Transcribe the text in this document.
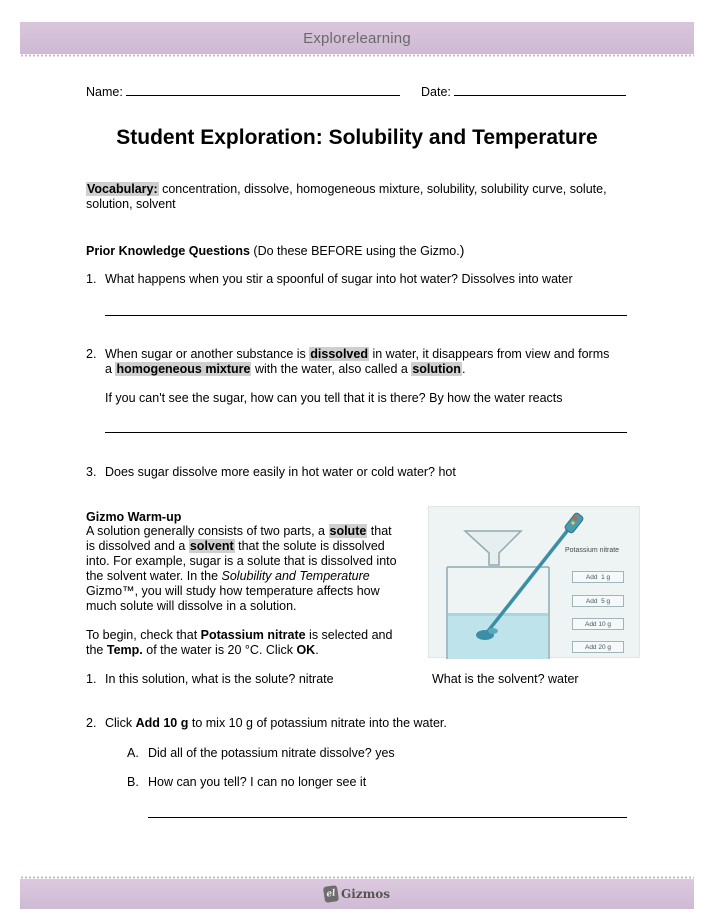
Explorelearning
Name:	Date:
Student Exploration: Solubility and Temperature
Vocabulary: concentration, dissolve, homogeneous mixture, solubility, solubility curve, solute,
solution, solvent
Prior Knowledge Questions (Do these BEFORE using the Gizmo.)
1. What happens when you stir a spoonful of sugar into hot water? Dissolves into water
2. When sugar or another substance is dissolved in water, it disappears from view and forms
a homogeneous mixture with the water, also called a solution.
If you can't see the sugar, how can you tell that it is there? By how the water reacts
3. Does sugar dissolve more easily in hot water or cold water? hot
Gizmo Warm-up
A solution generally consists of two parts, a solute that
is dissolved and a solvent that the solute is dissolved
into. For example, sugar is a solute that is dissolved into
the solvent water. In the Solubility and Temperature
Gizmo™, you will study how temperature affects how
much solute will dissolve in a solution.
To begin, check that Potassium nitrate is selected and
the Temp. of the water is 20 °C. Click OK.
Potassium nitrate
Add  1 g
Add  5 g
Add 10 g
Add 20 g
1. In this solution, what is the solute? nitrate	What is the solvent? water
2. Click Add 10 g to mix 10 g of potassium nitrate into the water.
A. Did all of the potassium nitrate dissolve? yes
B. How can you tell? I can no longer see it
el Gizmos
